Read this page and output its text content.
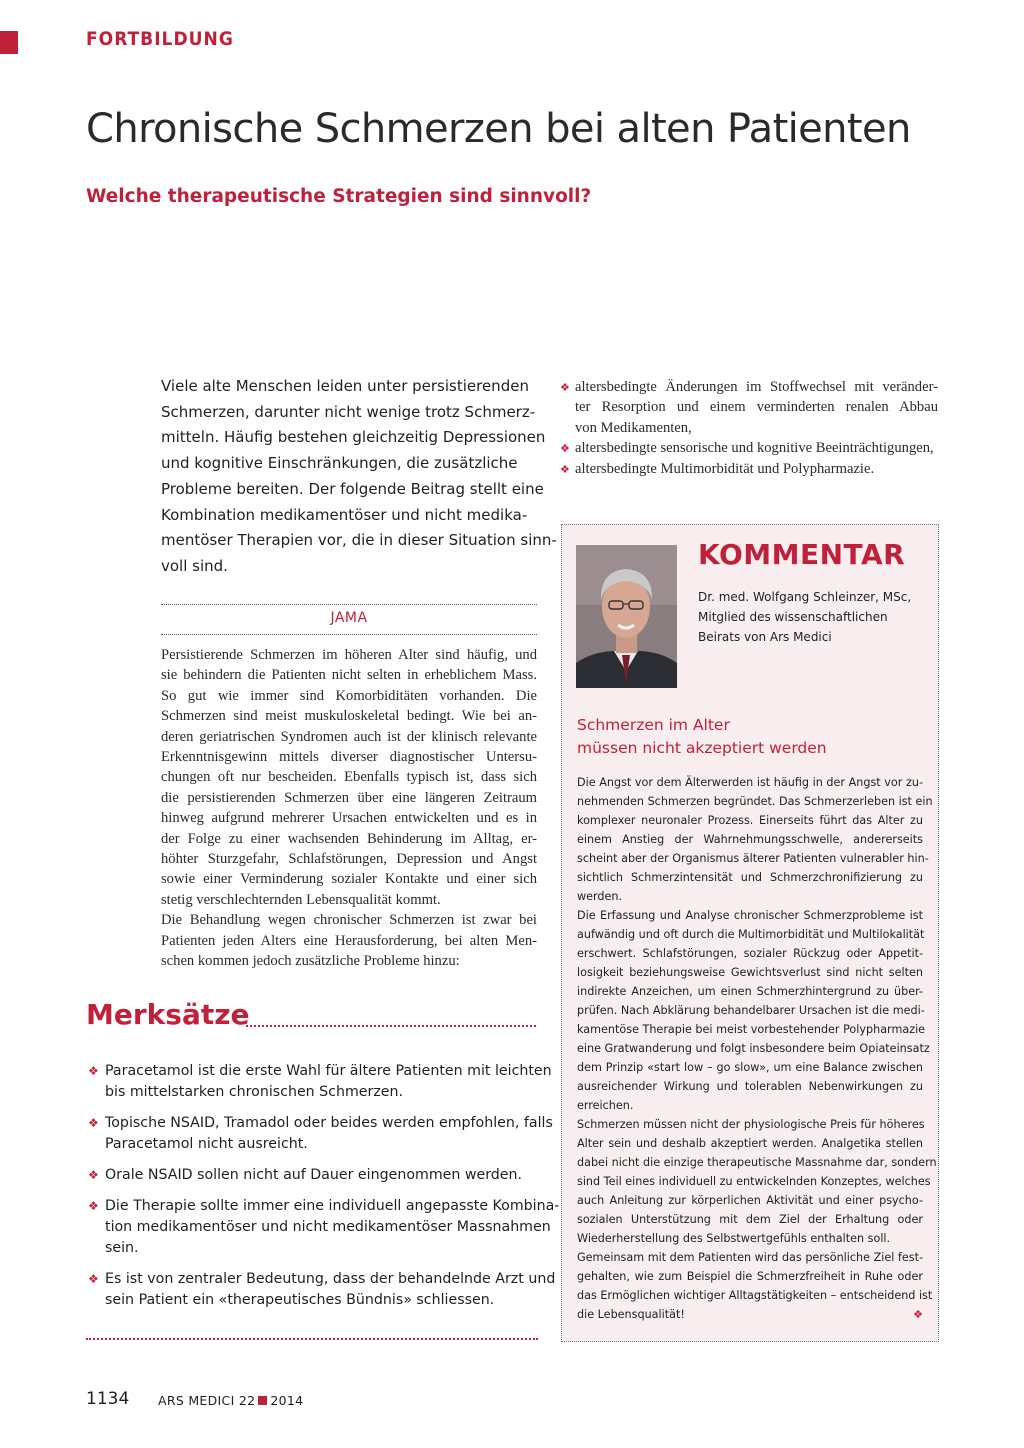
FORTBILDUNG
Chronische Schmerzen bei alten Patienten
Welche therapeutische Strategien sind sinnvoll?

Viele alte Menschen leiden unter persistierenden

Schmerzen, darunter nicht wenige trotz Schmerz-

mitteln. Häufig bestehen gleichzeitig Depressionen

und kognitive Einschränkungen, die zusätzliche

Probleme bereiten. Der folgende Beitrag stellt eine

Kombination medikamentöser und nicht medika-

mentöser Therapien vor, die in dieser Situation sinn-

voll sind.

JAMA

Persistierende Schmerzen im höheren Alter sind häufig, und

sie behindern die Patienten nicht selten in erheblichem Mass.

So gut wie immer sind Komorbiditäten vorhanden. Die

Schmerzen sind meist muskuloskeletal bedingt. Wie bei an-

deren geriatrischen Syndromen auch ist der klinisch relevante

Erkenntnisgewinn mittels diverser diagnostischer Untersu-

chungen oft nur bescheiden. Ebenfalls typisch ist, dass sich

die persistierenden Schmerzen über eine längeren Zeitraum

hinweg aufgrund mehrerer Ursachen entwickelten und es in

der Folge zu einer wachsenden Behinderung im Alltag, er-

höhter Sturzgefahr, Schlafstörungen, Depression und Angst

sowie einer Verminderung sozialer Kontakte und einer sich

stetig verschlechternden Lebensqualität kommt.

Die Behandlung wegen chronischer Schmerzen ist zwar bei

Patienten jeden Alters eine Herausforderung, bei alten Men-

schen kommen jedoch zusätzliche Probleme hinzu:

Merksätze
❖ Paracetamol ist die erste Wahl für ältere Patienten mit leichten

bis mittelstarken chronischen Schmerzen.

❖ Topische NSAID, Tramadol oder beides werden empfohlen, falls

Paracetamol nicht ausreicht.

❖ Orale NSAID sollen nicht auf Dauer eingenommen werden.

❖ Die Therapie sollte immer eine individuell angepasste Kombina-

tion medikamentöser und nicht medikamentöser Massnahmen

sein.

❖ Es ist von zentraler Bedeutung, dass der behandelnde Arzt und

sein Patient ein «therapeutisches Bündnis» schliessen.

❖ altersbedingte Änderungen im Stoffwechsel mit veränder-

ter Resorption und einem verminderten renalen Abbau

von Medikamenten,

❖ altersbedingte sensorische und kognitive Beeinträchtigungen,

❖ altersbedingte Multimorbidität und Polypharmazie.

KOMMENTAR

Dr. med. Wolfgang Schleinzer, MSc,

Mitglied des wissenschaftlichen

Beirats von Ars Medici

Schmerzen im Alter

müssen nicht akzeptiert werden

Die Angst vor dem Älterwerden ist häufig in der Angst vor zu-

nehmenden Schmerzen begründet. Das Schmerzerleben ist ein

komplexer neuronaler Prozess. Einerseits führt das Alter zu

einem Anstieg der Wahrnehmungsschwelle, andererseits

scheint aber der Organismus älterer Patienten vulnerabler hin-

sichtlich Schmerzintensität und Schmerzchronifizierung zu

werden.

Die Erfassung und Analyse chronischer Schmerzprobleme ist

aufwändig und oft durch die Multimorbidität und Multilokalität

erschwert. Schlafstörungen, sozialer Rückzug oder Appetit-

losigkeit beziehungsweise Gewichtsverlust sind nicht selten

indirekte Anzeichen, um einen Schmerzhintergrund zu über-

prüfen. Nach Abklärung behandelbarer Ursachen ist die medi-

kamentöse Therapie bei meist vorbestehender Polypharmazie

eine Gratwanderung und folgt insbesondere beim Opiateinsatz

dem Prinzip «start low – go slow», um eine Balance zwischen

ausreichender Wirkung und tolerablen Nebenwirkungen zu

erreichen.

Schmerzen müssen nicht der physiologische Preis für höheres

Alter sein und deshalb akzeptiert werden. Analgetika stellen

dabei nicht die einzige therapeutische Massnahme dar, sondern

sind Teil eines individuell zu entwickelnden Konzeptes, welches

auch Anleitung zur körperlichen Aktivität und einer psycho-

sozialen Unterstützung mit dem Ziel der Erhaltung oder

Wiederherstellung des Selbstwertgefühls enthalten soll.

Gemeinsam mit dem Patienten wird das persönliche Ziel fest-

gehalten, wie zum Beispiel die Schmerzfreiheit in Ruhe oder

das Ermöglichen wichtiger Alltagstätigkeiten – entscheidend ist

die Lebensqualität!	❖

1134 ARS MEDICI 22 2014
